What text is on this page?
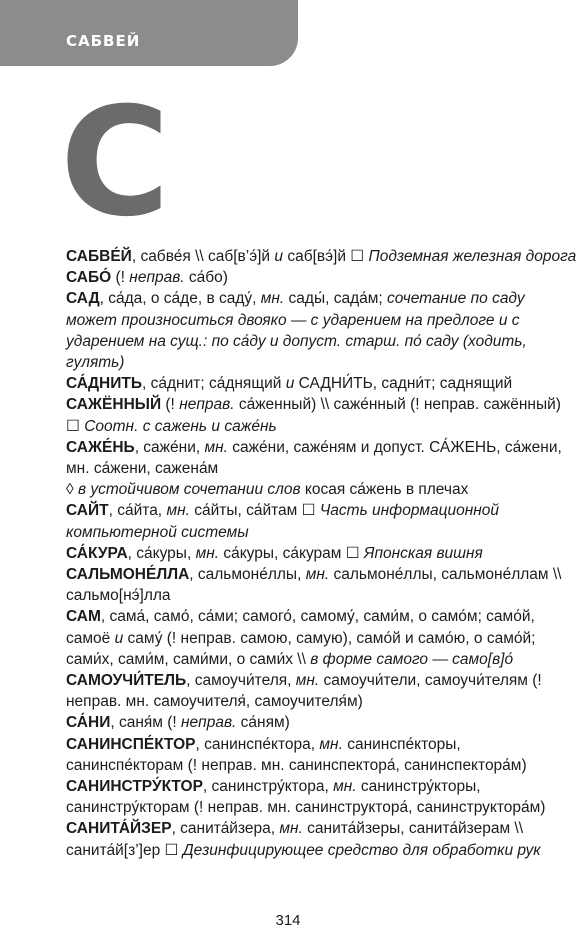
САБВЕЙ
С

САБВЕ́Й, сабве́я \\ саб[в’э́]й и саб[вэ́]й ☐ Подземная железная дорога

САБО́ (! неправ. са́бо)

САД, са́да, о са́де, в саду́, мн. сады́, сада́м; сочетание по саду может произноситься двояко — с ударением на предлоге и с ударением на сущ.: по са́ду и допуст. старш. по́ саду (ходить, гулять)

СА́ДНИТЬ, са́днит; са́днящий и САДНИ́ТЬ, садни́т; саднящий

САЖЁННЫЙ (! неправ. са́женный) \\ саже́нный (! неправ. сажённый) ☐ Соотн. с сажень и саже́нь

САЖЕ́НЬ, саже́ни, мн. саже́ни, саже́ням и допуст. СА́ЖЕНЬ, са́жени, мн. са́жени, сажена́м

◊ в устойчивом сочетании слов косая са́жень в плечах

САЙТ, са́йта, мн. са́йты, са́йтам ☐ Часть информационной компьютерной системы

СА́КУРА, са́куры, мн. са́куры, са́курам ☐ Японская вишня

САЛЬМОНЕ́ЛЛА, сальмоне́ллы, мн. сальмоне́ллы, сальмоне́ллам \\ сальмо[нэ́]лла

САМ, сама́, само́, са́ми; самого́, самому́, сами́м, о само́м; само́й, самоё и саму́ (! неправ. самою, самую), само́й и само́ю, о само́й; сами́х, сами́м, сами́ми, о сами́х \\ в форме самого — само[в]о́

САМОУЧИ́ТЕЛЬ, самоучи́теля, мн. самоучи́тели, самоучи́телям (! неправ. мн. самоучителя́, самоучителя́м)

СА́НИ, саня́м (! неправ. са́ням)

САНИНСПЕ́КТОР, санинспе́ктора, мн. санинспе́кторы, санинспе́кторам (! неправ. мн. санинспектора́, санинспектора́м)

САНИНСТРУ́КТОР, санинстру́ктора, мн. санинстру́кторы, санинстру́кторам (! неправ. мн. санинструктора́, санинструктора́м)

САНИТА́ЙЗЕР, санита́йзера, мн. санита́йзеры, санита́йзерам \\ санита́й[з’]ер ☐ Дезинфицирующее средство для обработки рук

314
